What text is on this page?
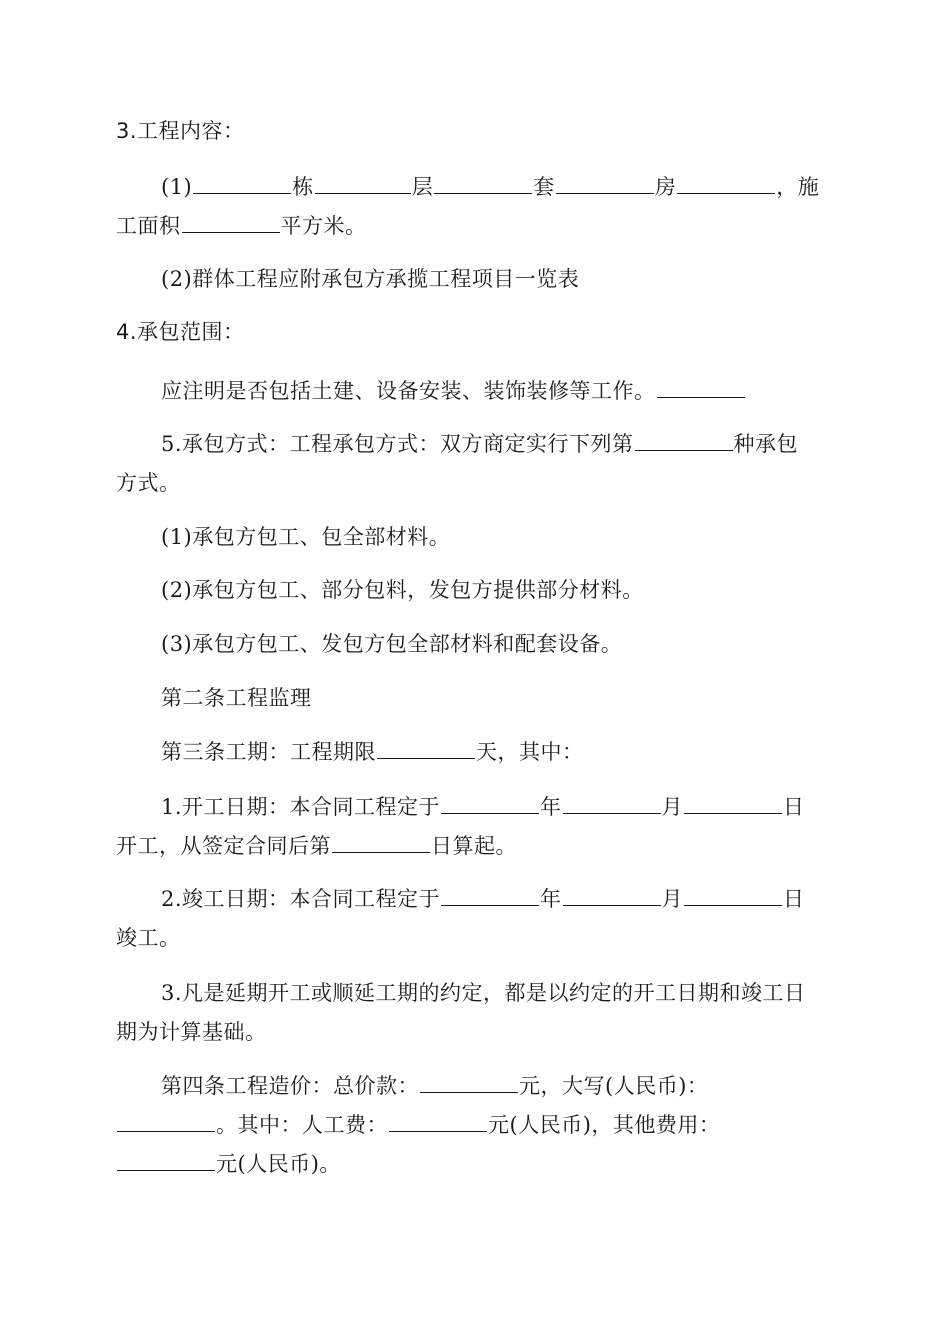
3.工程内容：
(1)	栋	层	套	房	，施
工面积	平方米。
(2)群体工程应附承包方承揽工程项目一览表
4.承包范围：
应注明是否包括土建、设备安装、装饰装修等工作。
5.承包方式：工程承包方式：双方商定实行下列第	种承包
方式。
(1)承包方包工、包全部材料。
(2)承包方包工、部分包料，发包方提供部分材料。
(3)承包方包工、发包方包全部材料和配套设备。
第二条工程监理
第三条工期：工程期限	天，其中：
1.开工日期：本合同工程定于	年	月	日
开工，从签定合同后第	日算起。
2.竣工日期：本合同工程定于	年	月	日
竣工。
3.凡是延期开工或顺延工期的约定，都是以约定的开工日期和竣工日
期为计算基础。
第四条工程造价：总价款：	元，大写(人民币)：
。其中：人工费：	元(人民币)，其他费用：
元(人民币)。
